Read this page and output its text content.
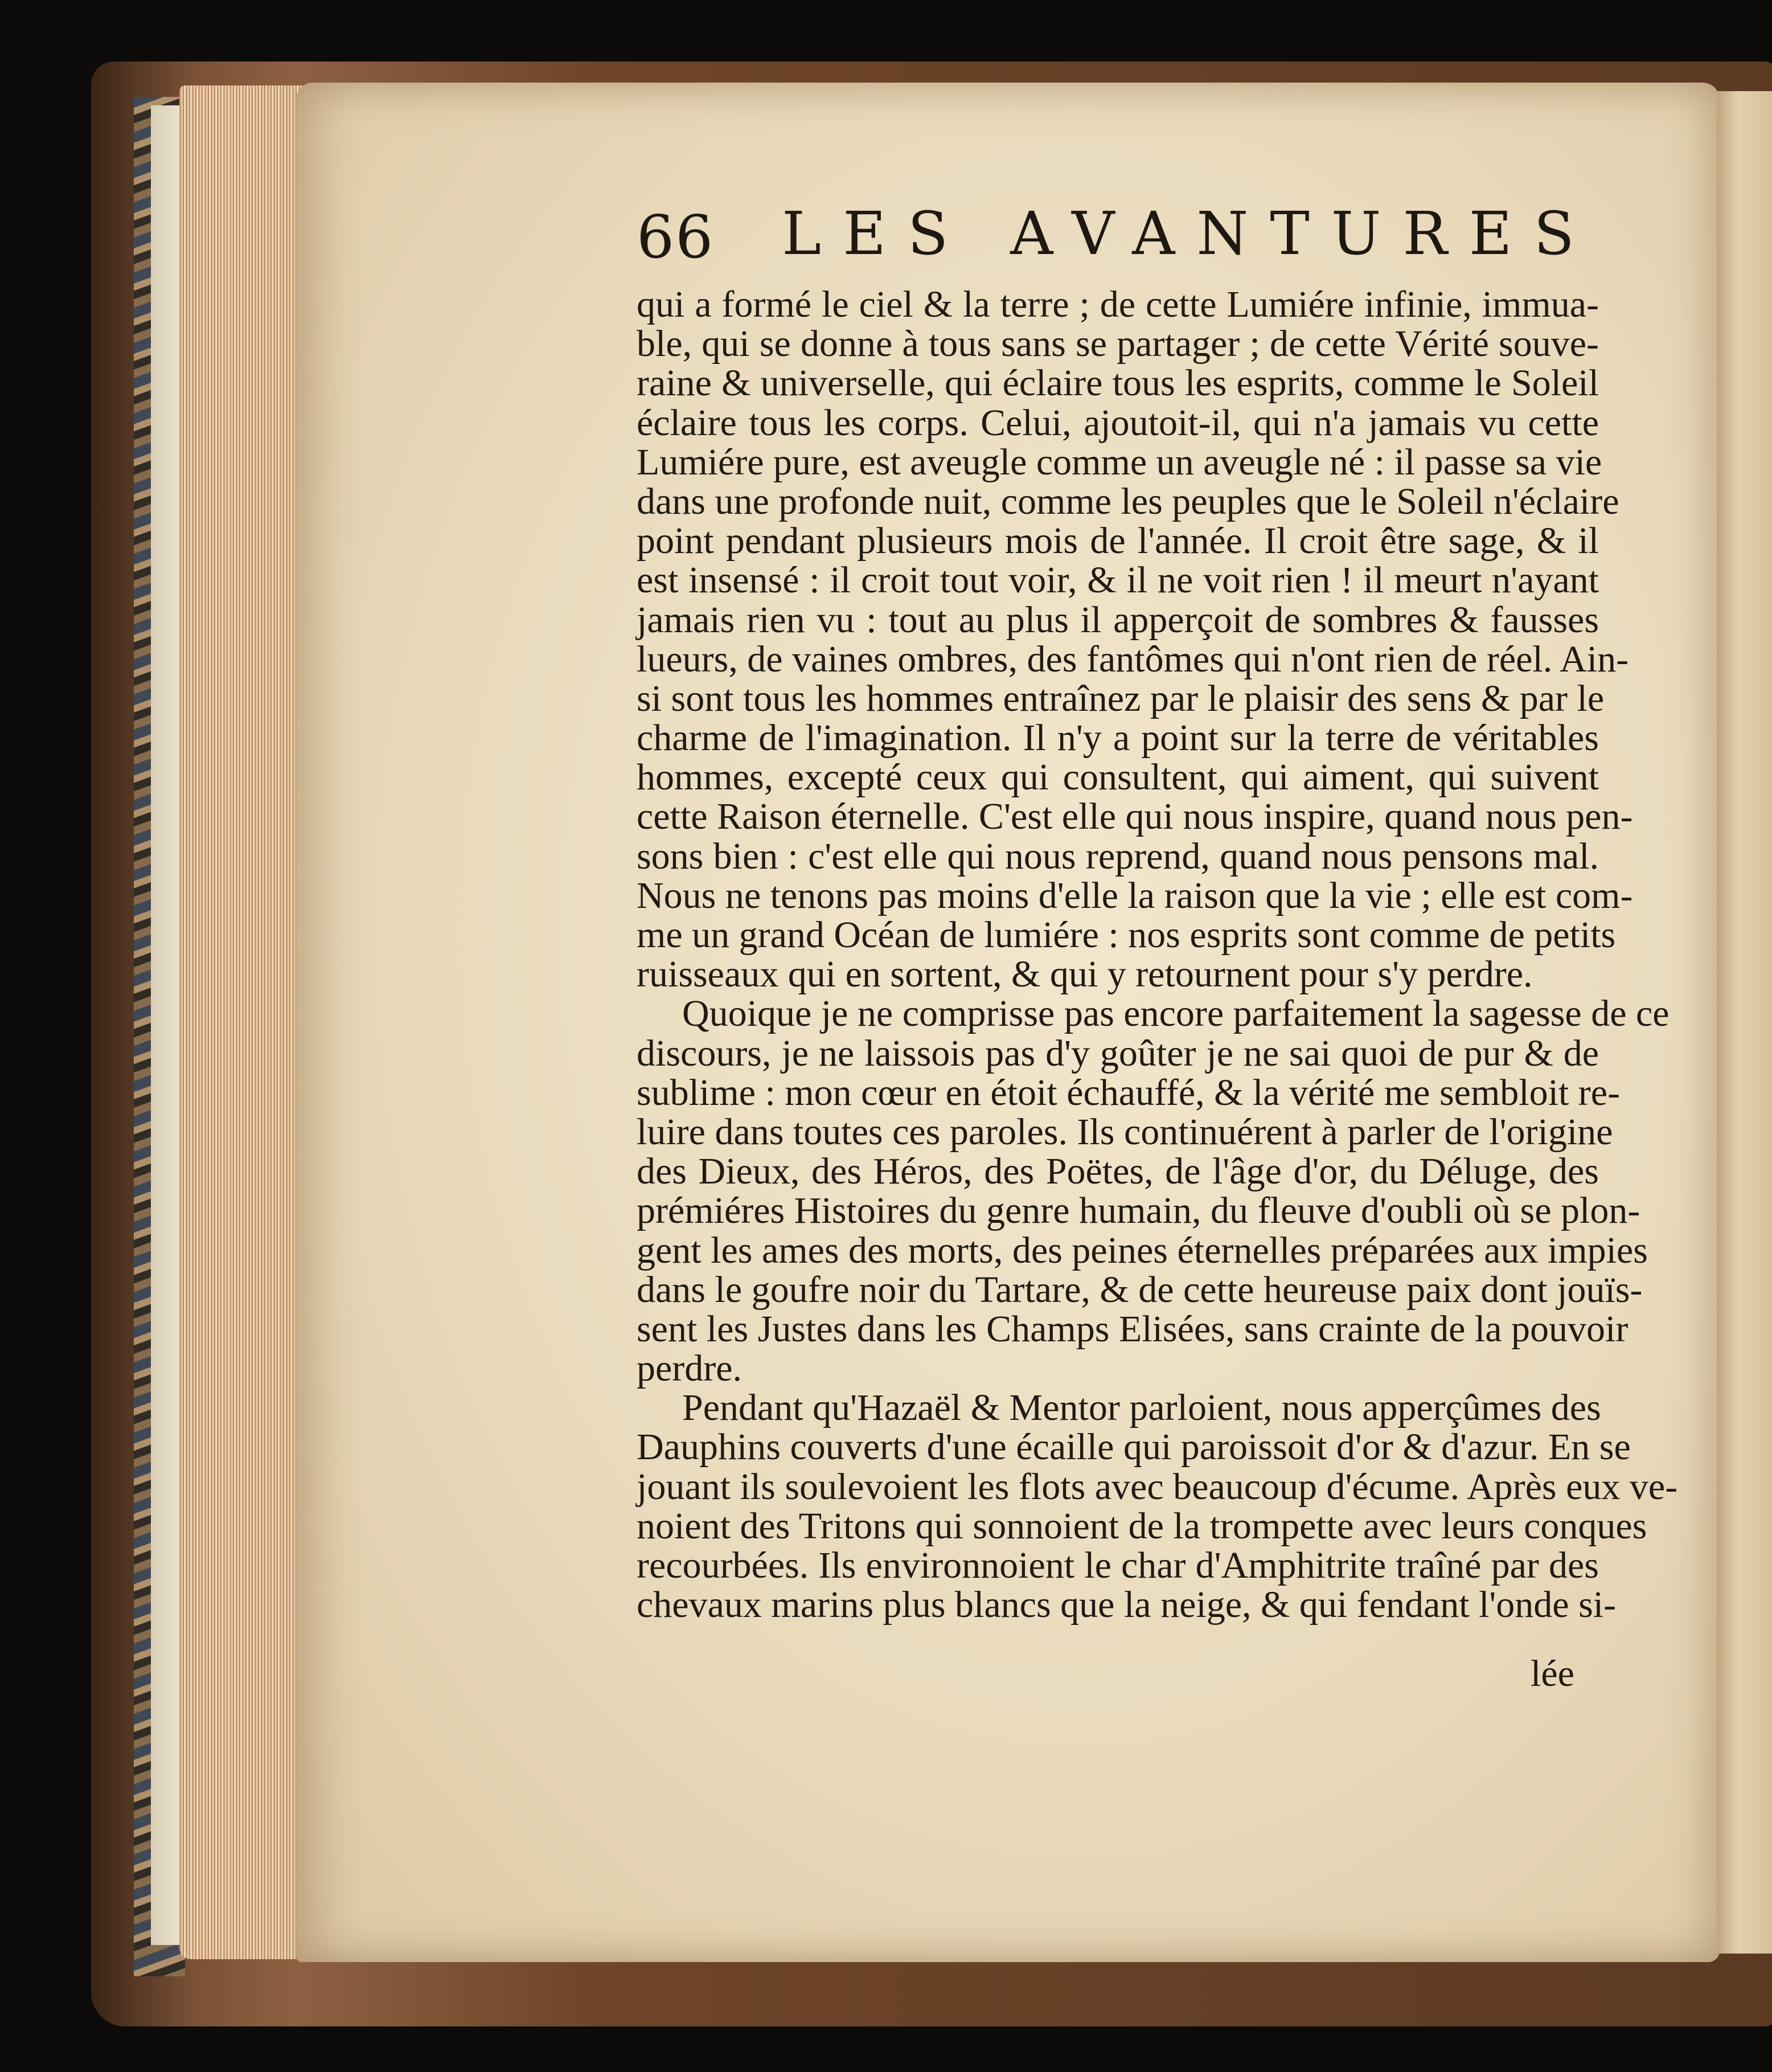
66 LES AVANTURES
qui a formé le ciel & la terre ; de cette Lumiére infinie, immua-
ble, qui se donne à tous sans se partager ; de cette Vérité souve-
raine & universelle, qui éclaire tous les esprits, comme le Soleil
éclaire tous les corps. Celui, ajoutoit-il, qui n'a jamais vu cette
Lumiére pure, est aveugle comme un aveugle né : il passe sa vie
dans une profonde nuit, comme les peuples que le Soleil n'éclaire
point pendant plusieurs mois de l'année. Il croit être sage, & il
est insensé : il croit tout voir, & il ne voit rien ! il meurt n'ayant
jamais rien vu : tout au plus il apperçoit de sombres & fausses
lueurs, de vaines ombres, des fantômes qui n'ont rien de réel. Ain-
si sont tous les hommes entraînez par le plaisir des sens & par le
charme de l'imagination. Il n'y a point sur la terre de véritables
hommes, excepté ceux qui consultent, qui aiment, qui suivent
cette Raison éternelle. C'est elle qui nous inspire, quand nous pen-
sons bien : c'est elle qui nous reprend, quand nous pensons mal.
Nous ne tenons pas moins d'elle la raison que la vie ; elle est com-
me un grand Océan de lumiére : nos esprits sont comme de petits
ruisseaux qui en sortent, & qui y retournent pour s'y perdre.
Quoique je ne comprisse pas encore parfaitement la sagesse de ce
discours, je ne laissois pas d'y goûter je ne sai quoi de pur & de
sublime : mon cœur en étoit échauffé, & la vérité me sembloit re-
luire dans toutes ces paroles. Ils continuérent à parler de l'origine
des Dieux, des Héros, des Poëtes, de l'âge d'or, du Déluge, des
prémiéres Histoires du genre humain, du fleuve d'oubli où se plon-
gent les ames des morts, des peines éternelles préparées aux impies
dans le goufre noir du Tartare, & de cette heureuse paix dont jouïs-
sent les Justes dans les Champs Elisées, sans crainte de la pouvoir
perdre.
Pendant qu'Hazaël & Mentor parloient, nous apperçûmes des
Dauphins couverts d'une écaille qui paroissoit d'or & d'azur. En se
jouant ils soulevoient les flots avec beaucoup d'écume. Après eux ve-
noient des Tritons qui sonnoient de la trompette avec leurs conques
recourbées. Ils environnoient le char d'Amphitrite traîné par des
chevaux marins plus blancs que la neige, & qui fendant l'onde si-
lée
